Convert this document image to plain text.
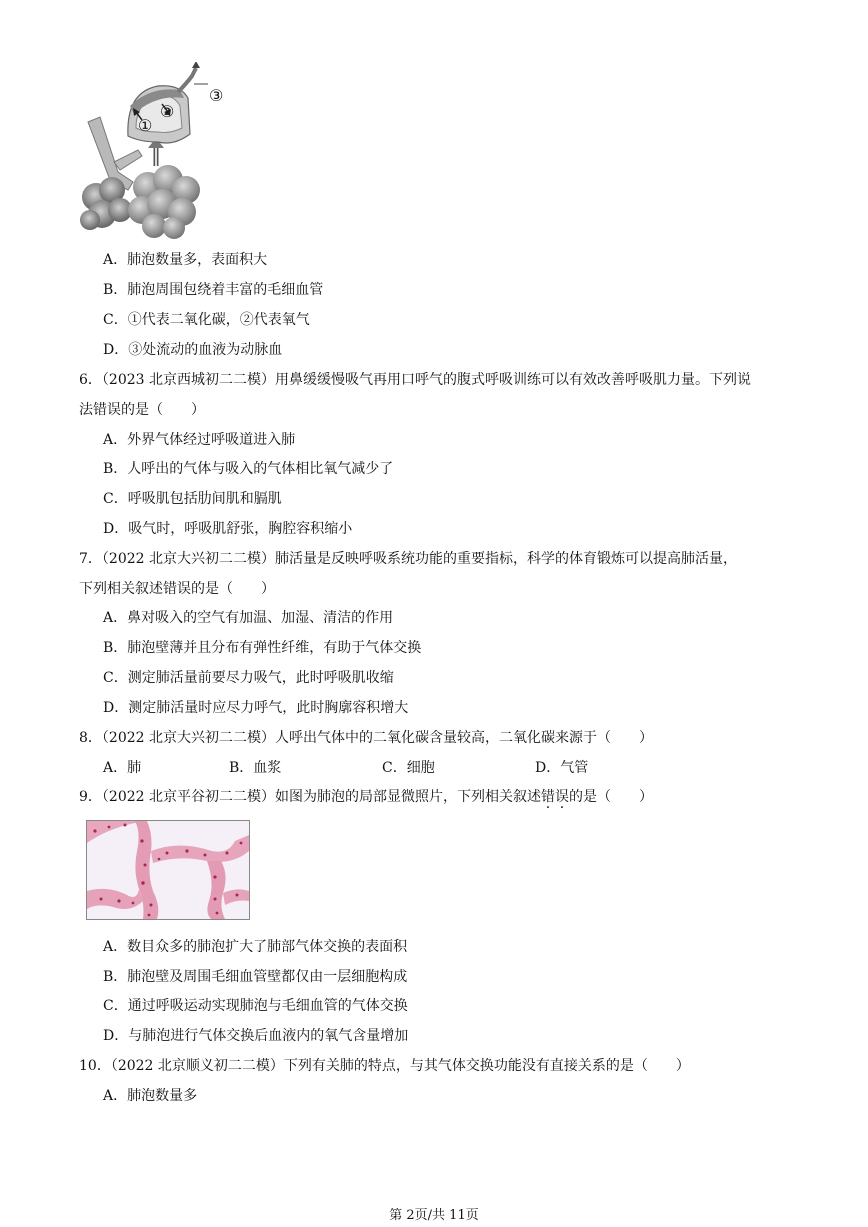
①
②
③
A．肺泡数量多，表面积大
B．肺泡周围包绕着丰富的毛细血管
C．①代表二氧化碳，②代表氧气
D．③处流动的血液为动脉血
6．（2023 北京西城初二二模）用鼻缓缓慢吸气再用口呼气的腹式呼吸训练可以有效改善呼吸肌力量。下列说
法错误的是（　　）
A．外界气体经过呼吸道进入肺
B．人呼出的气体与吸入的气体相比氧气减少了
C．呼吸肌包括肋间肌和膈肌
D．吸气时，呼吸肌舒张，胸腔容积缩小
7．（2022 北京大兴初二二模）肺活量是反映呼吸系统功能的重要指标，科学的体育锻炼可以提高肺活量，
下列相关叙述错误的是（　　）
A．鼻对吸入的空气有加温、加湿、清洁的作用
B．肺泡壁薄并且分布有弹性纤维，有助于气体交换
C．测定肺活量前要尽力吸气，此时呼吸肌收缩
D．测定肺活量时应尽力呼气，此时胸廓容积增大
8．（2022 北京大兴初二二模）人呼出气体中的二氧化碳含量较高，二氧化碳来源于（　　）
A．肺	B．血浆	C．细胞	D．气管
9．（2022 北京平谷初二二模）如图为肺泡的局部显微照片，下列相关叙述错误的是（　　）
A．数目众多的肺泡扩大了肺部气体交换的表面积
B．肺泡壁及周围毛细血管壁都仅由一层细胞构成
C．通过呼吸运动实现肺泡与毛细血管的气体交换
D．与肺泡进行气体交换后血液内的氧气含量增加
10．（2022 北京顺义初二二模）下列有关肺的特点，与其气体交换功能没有直接关系的是（　　）
A．肺泡数量多
第 2页/共 11页
